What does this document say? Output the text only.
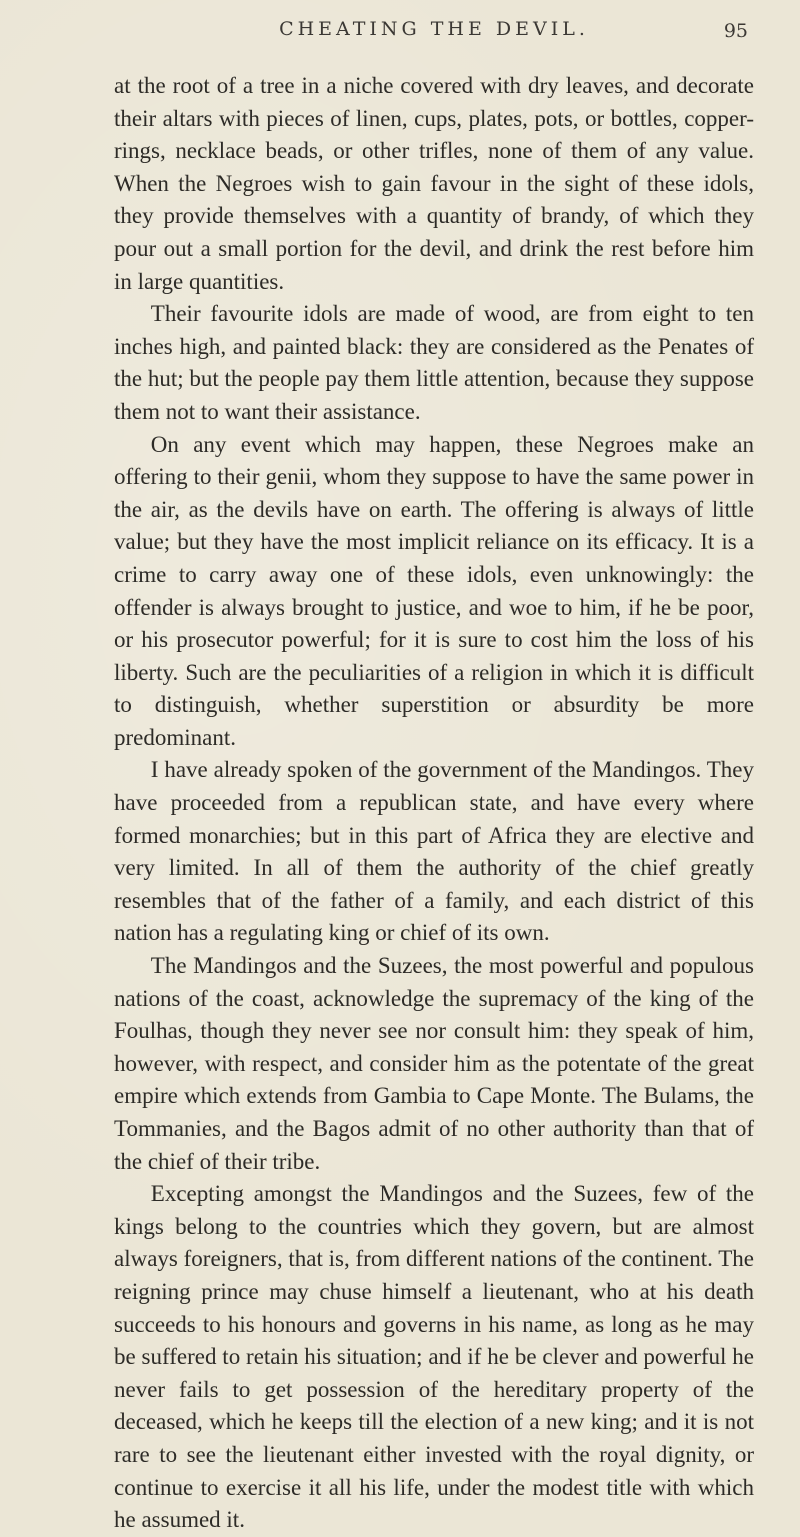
CHEATING THE DEVIL.	95

at the root of a tree in a niche covered with dry leaves, and decorate their altars with pieces of linen, cups, plates, pots, or bottles, copper-rings, necklace beads, or other trifles, none of them of any value. When the Negroes wish to gain favour in the sight of these idols, they provide themselves with a quantity of brandy, of which they pour out a small portion for the devil, and drink the rest before him in large quantities.

Their favourite idols are made of wood, are from eight to ten inches high, and painted black: they are considered as the Penates of the hut; but the people pay them little attention, because they suppose them not to want their assistance.

On any event which may happen, these Negroes make an offering to their genii, whom they suppose to have the same power in the air, as the devils have on earth. The offering is always of little value; but they have the most implicit reliance on its efficacy. It is a crime to carry away one of these idols, even unknowingly: the offender is always brought to justice, and woe to him, if he be poor, or his prosecutor powerful; for it is sure to cost him the loss of his liberty. Such are the peculiarities of a religion in which it is difficult to distinguish, whether superstition or absurdity be more predominant.

I have already spoken of the government of the Mandingos. They have proceeded from a republican state, and have every where formed monarchies; but in this part of Africa they are elective and very limited. In all of them the authority of the chief greatly resembles that of the father of a family, and each district of this nation has a regulating king or chief of its own.

The Mandingos and the Suzees, the most powerful and populous nations of the coast, acknowledge the supremacy of the king of the Foulhas, though they never see nor consult him: they speak of him, however, with respect, and consider him as the potentate of the great empire which extends from Gambia to Cape Monte. The Bulams, the Tommanies, and the Bagos admit of no other authority than that of the chief of their tribe.

Excepting amongst the Mandingos and the Suzees, few of the kings belong to the countries which they govern, but are almost always foreigners, that is, from different nations of the continent. The reigning prince may chuse himself a lieutenant, who at his death succeeds to his honours and governs in his name, as long as he may be suffered to retain his situation; and if he be clever and powerful he never fails to get possession of the hereditary property of the deceased, which he keeps till the election of a new king; and it is not rare to see the lieutenant either invested with the royal dignity, or continue to exercise it all his life, under the modest title with which he assumed it.
